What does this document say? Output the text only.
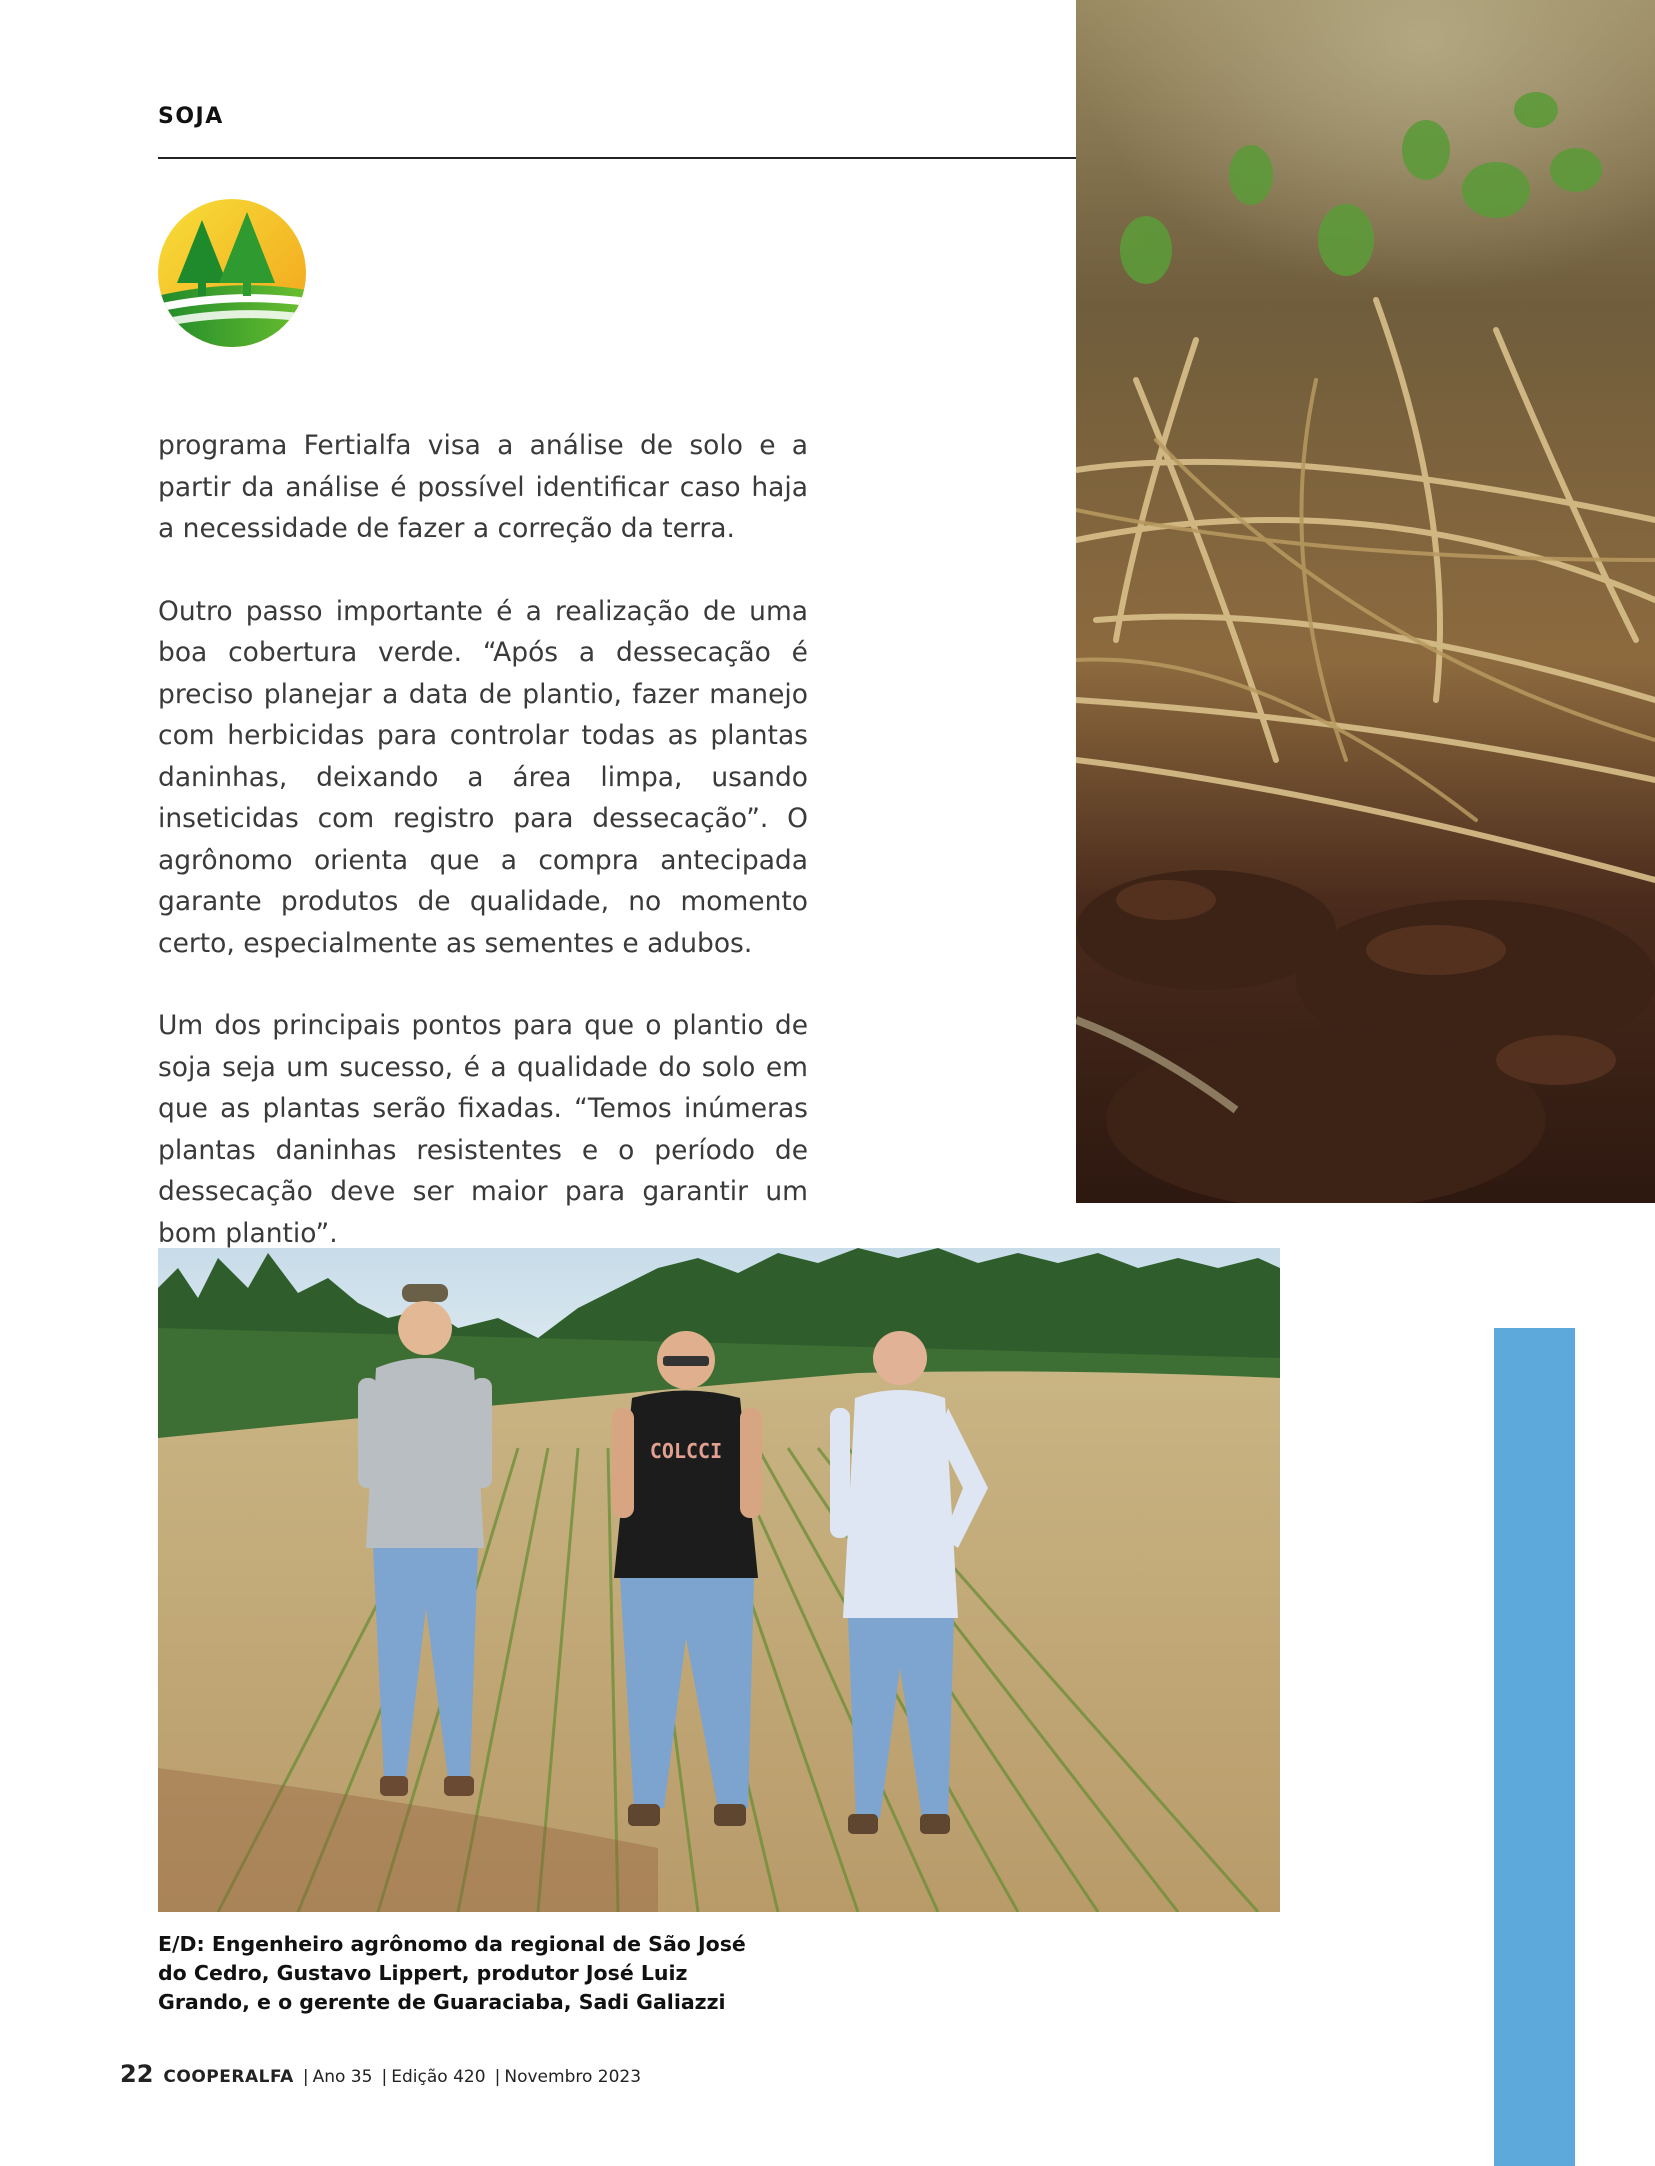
SOJA

programa Fertialfa visa a análise de solo e a partir da análise é possível identificar caso haja a necessidade de fazer a correção da terra.

Outro passo importante é a realização de uma boa cobertura verde. “Após a dessecação é preciso planejar a data de plantio, fazer manejo com herbicidas para controlar todas as plantas daninhas, deixando a área limpa, usando inseticidas com registro para dessecação”. O agrônomo orienta que a compra antecipada garante produtos de qualidade, no momento certo, especialmente as sementes e adubos.

Um dos principais pontos para que o plantio de soja seja um sucesso, é a qualidade do solo em que as plantas serão fixadas. “Temos inúmeras plantas daninhas resistentes e o período de dessecação deve ser maior para garantir um bom plantio”.

COLCCI
E/D: Engenheiro agrônomo da regional de São José do Cedro, Gustavo Lippert, produtor José Luiz Grando, e o gerente de Guaraciaba, Sadi Galiazzi
22 COOPERALFA | Ano 35 | Edição 420 | Novembro 2023
